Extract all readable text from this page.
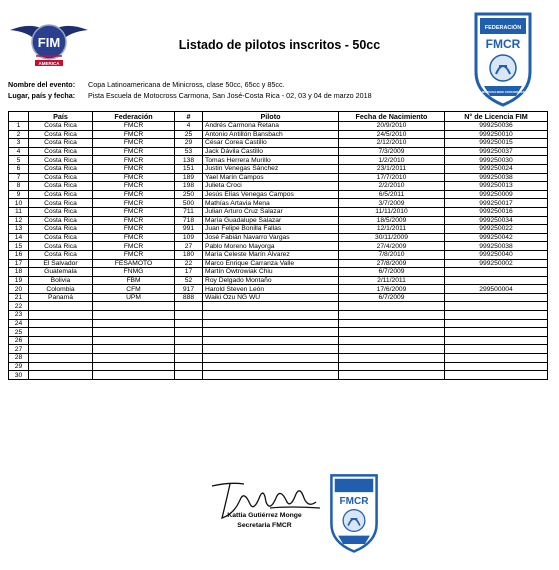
FIM
AMERICA
Listado de pilotos inscritos - 50cc
FEDERACIÓN
FMCR
DE MOTOCICLISMO COSTARRICENSE
Nombre del evento: Copa Latinoamericana de Minicross, clase 50cc, 65cc y 85cc.
Lugar, país y fecha: Pista Escuela de Motocross Carmona, San José-Costa Rica - 02, 03 y 04 de marzo 2018
	País	Federación	#	Piloto	Fecha de Nacimiento	N° de Licencia FIM
1	Costa Rica	FMCR	4	Andrés Carmona Retana	20/9/2010	999250036
2	Costa Rica	FMCR	25	Antonio Antillón Bansbach	24/5/2010	999250010
3	Costa Rica	FMCR	29	César Corea Castillo	2/12/2010	999250015
4	Costa Rica	FMCR	53	Jack Dávila Castillo	7/3/2009	999250037
5	Costa Rica	FMCR	138	Tomas Herrera Murillo	1/2/2010	999250030
6	Costa Rica	FMCR	151	Justin Venegas Sánchez	23/1/2011	999250024
7	Costa Rica	FMCR	189	Yael Marín Campos	17/7/2010	999250038
8	Costa Rica	FMCR	198	Julieta Croci	2/2/2010	999250013
9	Costa Rica	FMCR	250	Jesús Elías Venegas Campos	6/5/2011	999250009
10	Costa Rica	FMCR	500	Mathías Artavia Mena	3/7/2009	999250017
11	Costa Rica	FMCR	711	Julian Arturo Cruz Salazar	11/11/2010	999250016
12	Costa Rica	FMCR	718	María Guadalupe Salazar	18/5/2009	999250034
13	Costa Rica	FMCR	991	Juan Felipe Bonilla Fallas	12/1/2011	999250022
14	Costa Rica	FMCR	109	José Fabián Navarro Vargas	30/11/2009	999250042
15	Costa Rica	FMCR	27	Pablo Moreno Mayorga	27/4/2009	999250038
16	Costa Rica	FMCR	180	María Celeste Marín Álvarez	7/8/2010	999250040
17	El Salvador	FESAMOTO	22	Marco Enrique Carranza Valle	27/8/2009	999250002
18	Guatemala	FNMG	17	Martín Owtrowiak Chiu	6/7/2009	
19	Bolivia	FBM	52	Roy Delgado Montaño	2/11/2011	
20	Colombia	CFM	917	Harold Steven León	17/6/2009	299500004
21	Panamá	UPM	888	Waiki Ozu NG WU	6/7/2009	
22						
23						
24						
25						
26						
27						
28						
29						
30						
Kattia Gutiérrez Monge
Secretaria FMCR
FMCR
